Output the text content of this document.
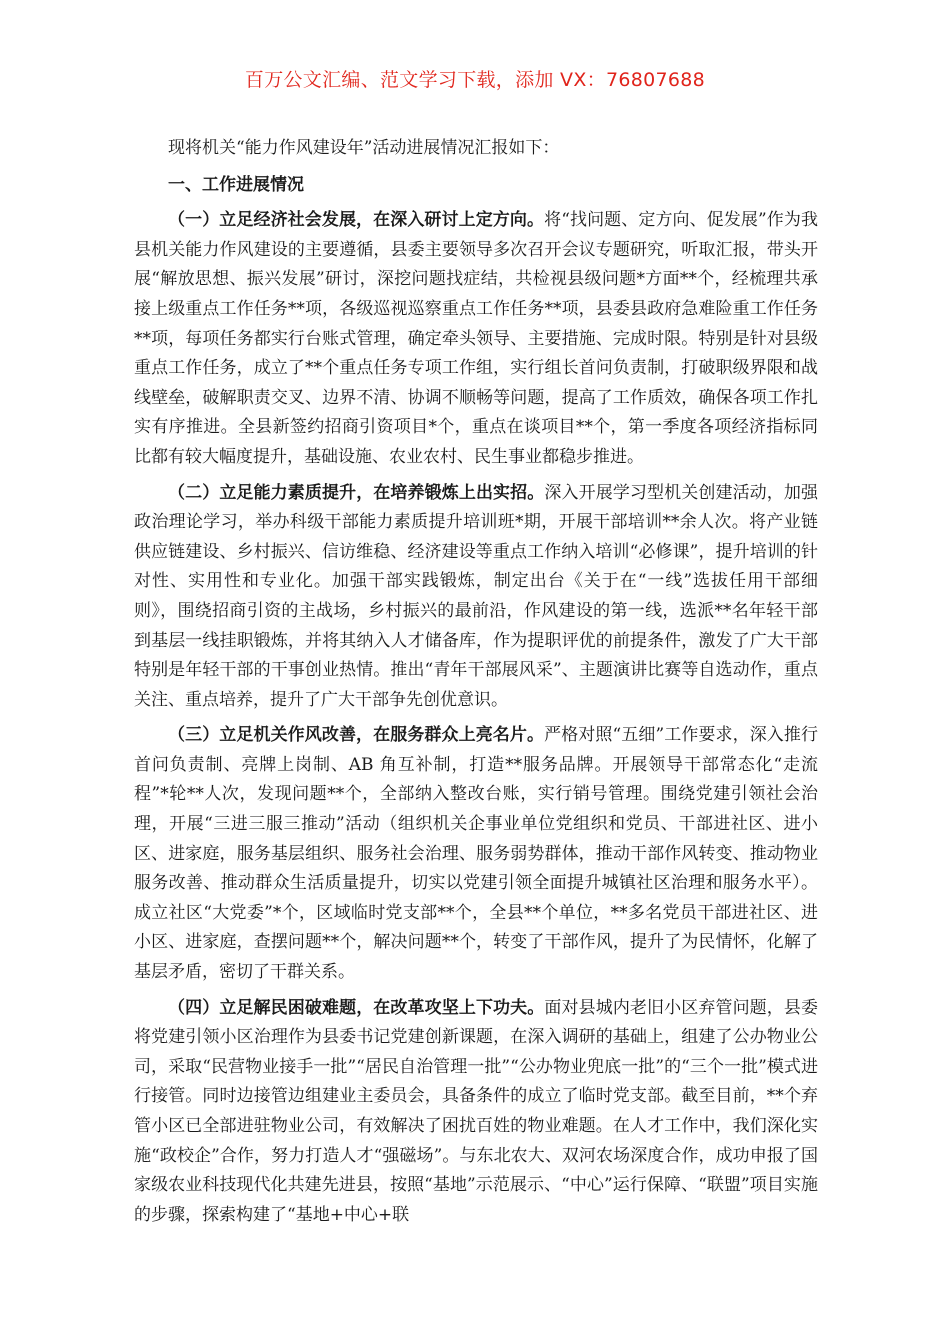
百万公文汇编、范文学习下载，添加 VX：76807688

现将机关“能力作风建设年”活动进展情况汇报如下：

一、工作进展情况

（一）立足经济社会发展，在深入研讨上定方向。将“找问题、定方向、促发展”作为我县机关能力作风建设的主要遵循，县委主要领导多次召开会议专题研究，听取汇报，带头开展“解放思想、振兴发展”研讨，深挖问题找症结，共检视县级问题*方面**个，经梳理共承接上级重点工作任务**项，各级巡视巡察重点工作任务**项，县委县政府急难险重工作任务**项，每项任务都实行台账式管理，确定牵头领导、主要措施、完成时限。特别是针对县级重点工作任务，成立了**个重点任务专项工作组，实行组长首问负责制，打破职级界限和战线壁垒，破解职责交叉、边界不清、协调不顺畅等问题，提高了工作质效，确保各项工作扎实有序推进。全县新签约招商引资项目*个，重点在谈项目**个，第一季度各项经济指标同比都有较大幅度提升，基础设施、农业农村、民生事业都稳步推进。

（二）立足能力素质提升，在培养锻炼上出实招。深入开展学习型机关创建活动，加强政治理论学习，举办科级干部能力素质提升培训班*期，开展干部培训**余人次。将产业链供应链建设、乡村振兴、信访维稳、经济建设等重点工作纳入培训“必修课”，提升培训的针对性、实用性和专业化。加强干部实践锻炼，制定出台《关于在“一线”选拔任用干部细则》，围绕招商引资的主战场，乡村振兴的最前沿，作风建设的第一线，选派**名年轻干部到基层一线挂职锻炼，并将其纳入人才储备库，作为提职评优的前提条件，激发了广大干部特别是年轻干部的干事创业热情。推出“青年干部展风采”、主题演讲比赛等自选动作，重点关注、重点培养，提升了广大干部争先创优意识。

（三）立足机关作风改善，在服务群众上亮名片。严格对照“五细”工作要求，深入推行首问负责制、亮牌上岗制、AB 角互补制，打造**服务品牌。开展领导干部常态化“走流程”*轮**人次，发现问题**个，全部纳入整改台账，实行销号管理。围绕党建引领社会治理，开展“三进三服三推动”活动（组织机关企事业单位党组织和党员、干部进社区、进小区、进家庭，服务基层组织、服务社会治理、服务弱势群体，推动干部作风转变、推动物业服务改善、推动群众生活质量提升，切实以党建引领全面提升城镇社区治理和服务水平）。成立社区“大党委”*个，区域临时党支部**个，全县**个单位，**多名党员干部进社区、进小区、进家庭，查摆问题**个，解决问题**个，转变了干部作风，提升了为民情怀，化解了基层矛盾，密切了干群关系。

（四）立足解民困破难题，在改革攻坚上下功夫。面对县城内老旧小区弃管问题，县委将党建引领小区治理作为县委书记党建创新课题，在深入调研的基础上，组建了公办物业公司，采取“民营物业接手一批”“居民自治管理一批”“公办物业兜底一批”的“三个一批”模式进行接管。同时边接管边组建业主委员会，具备条件的成立了临时党支部。截至目前，**个弃管小区已全部进驻物业公司，有效解决了困扰百姓的物业难题。在人才工作中，我们深化实施“政校企”合作，努力打造人才“强磁场”。与东北农大、双河农场深度合作，成功申报了国家级农业科技现代化共建先进县，按照“基地”示范展示、“中心”运行保障、“联盟”项目实施的步骤，探索构建了“基地+中心+联
